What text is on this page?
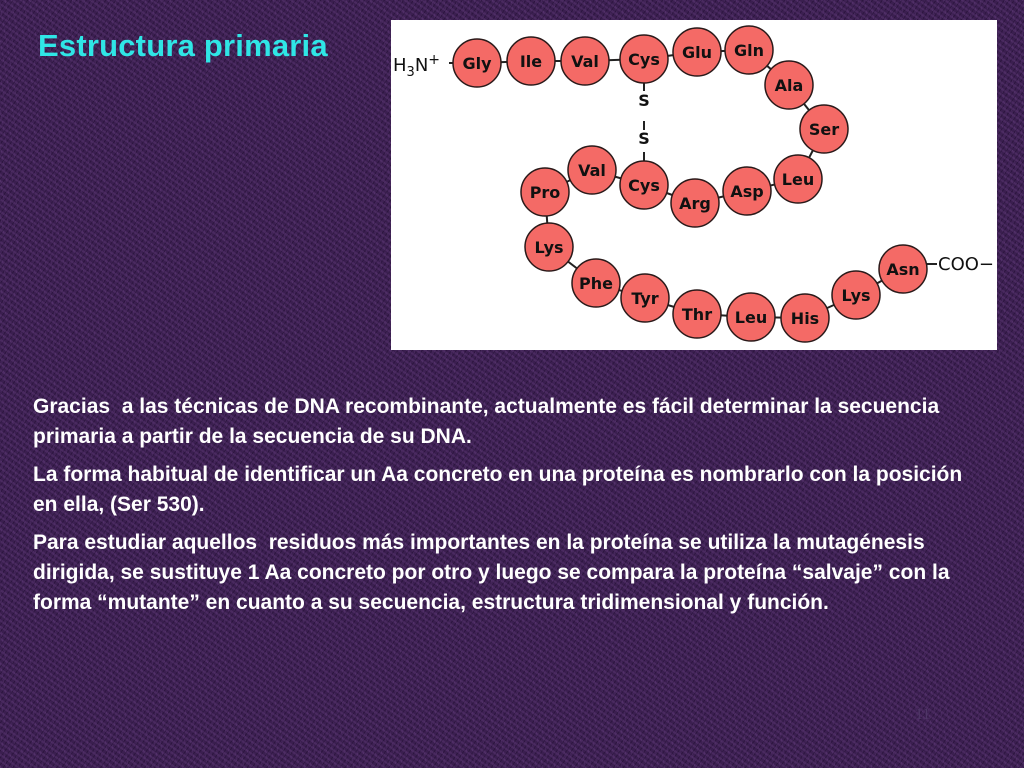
Estructura primaria
S
S
$H_3N^+$
COO−
Gly Ile Val Cys Glu Gln
Ala
Ser
Leu
Asp
Arg
Cys
Val
Pro
Lys
Phe
Tyr
Thr Leu His
Lys
Asn

Gracias  a las técnicas de DNA recombinante, actualmente es fácil determinar la secuencia primaria a partir de la secuencia de su DNA.

La forma habitual de identificar un Aa concreto en una proteína es nombrarlo con la posición en ella, (Ser 530).

Para estudiar aquellos  residuos más importantes en la proteína se utiliza la mutagénesis dirigida, se sustituye 1 Aa concreto por otro y luego se compara la proteína “salvaje” con la forma “mutante” en cuanto a su secuencia, estructura tridimensional y función.

11
